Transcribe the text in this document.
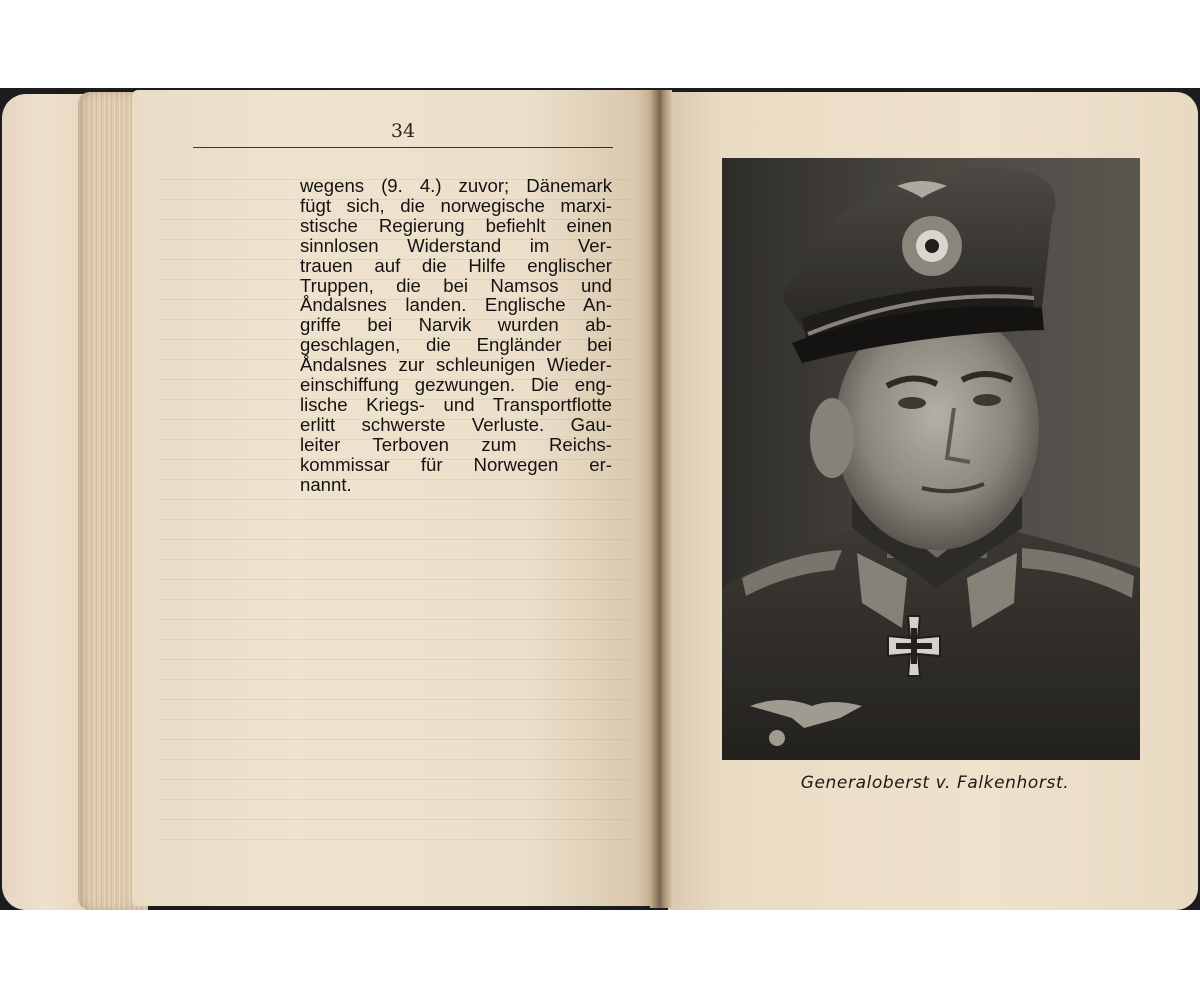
34
wegens (9. 4.) zuvor; Dänemark
fügt sich, die norwegische marxi-
stische Regierung befiehlt einen
sinnlosen Widerstand im Ver-
trauen auf die Hilfe englischer
Truppen, die bei Namsos und
Åndalsnes landen. Englische An-
griffe bei Narvik wurden ab-
geschlagen, die Engländer bei
Åndalsnes zur schleunigen Wieder-
einschiffung gezwungen. Die eng-
lische Kriegs- und Transportflotte
erlitt schwerste Verluste. Gau-
leiter Terboven zum Reichs-
kommissar für Norwegen er-
nannt.
Generaloberst v. Falkenhorst.
